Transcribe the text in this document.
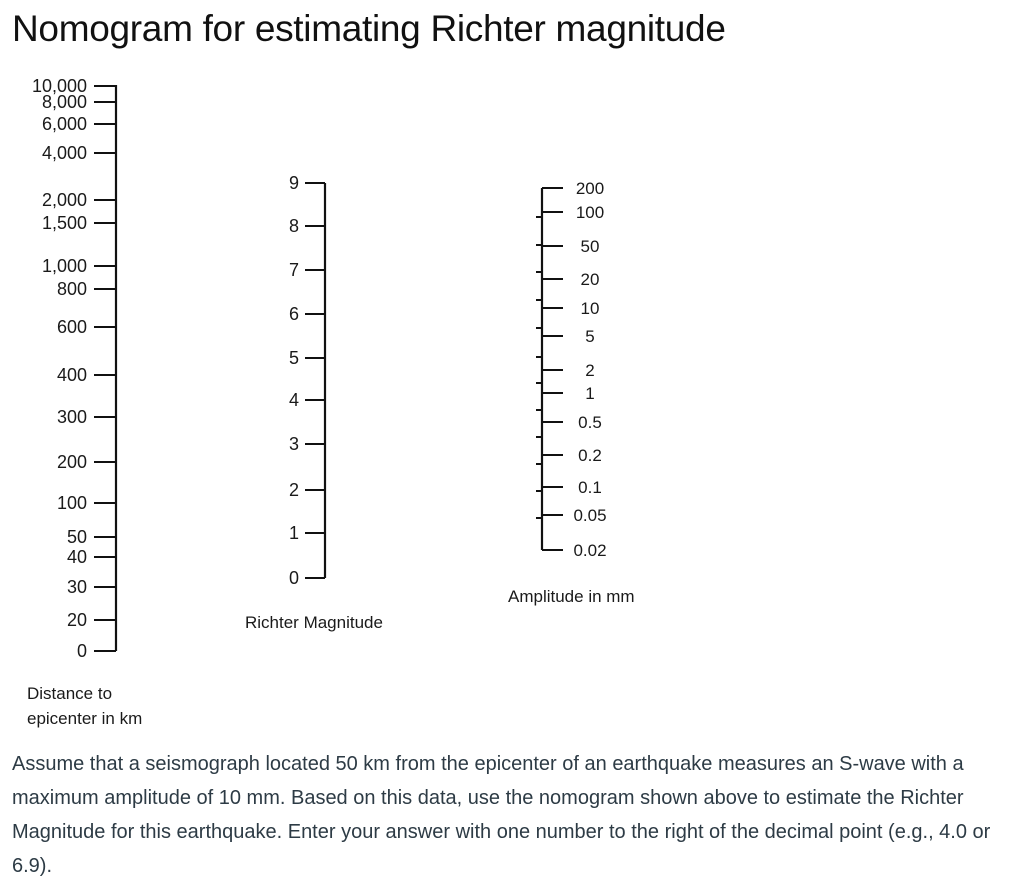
Nomogram for estimating Richter magnitude
10,000
8,000
6,000
4,000
2,000
1,500
1,000
800
600
400
300
200
100
50
40
30
20
0
Distance to
epicenter in km
9
8
7
6
5
4
3
2
1
0
Richter Magnitude
200
100
50
20
10
5
2
1
0.5
0.2
0.1
0.05
0.02
Amplitude in mm

Assume that a seismograph located 50 km from the epicenter of an earthquake measures an S-wave with a maximum amplitude of 10 mm. Based on this data, use the nomogram shown above to estimate the Richter Magnitude for this earthquake. Enter your answer with one number to the right of the decimal point (e.g., 4.0 or 6.9).
